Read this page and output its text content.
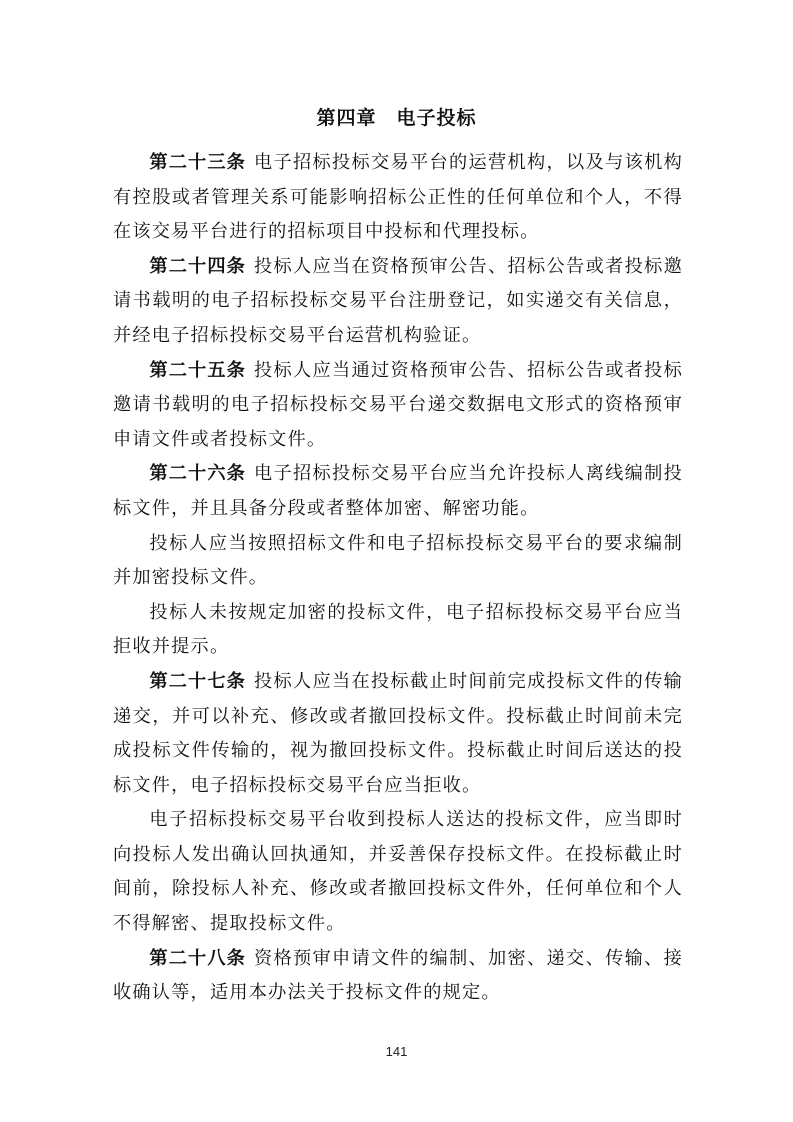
第四章 电子投标

第二十三条 电子招标投标交易平台的运营机构，以及与该机构有控股或者管理关系可能影响招标公正性的任何单位和个人，不得在该交易平台进行的招标项目中投标和代理投标。

第二十四条 投标人应当在资格预审公告、招标公告或者投标邀请书载明的电子招标投标交易平台注册登记，如实递交有关信息，并经电子招标投标交易平台运营机构验证。

第二十五条 投标人应当通过资格预审公告、招标公告或者投标邀请书载明的电子招标投标交易平台递交数据电文形式的资格预审申请文件或者投标文件。

第二十六条 电子招标投标交易平台应当允许投标人离线编制投标文件，并且具备分段或者整体加密、解密功能。

投标人应当按照招标文件和电子招标投标交易平台的要求编制并加密投标文件。

投标人未按规定加密的投标文件，电子招标投标交易平台应当拒收并提示。

第二十七条 投标人应当在投标截止时间前完成投标文件的传输递交，并可以补充、修改或者撤回投标文件。投标截止时间前未完成投标文件传输的，视为撤回投标文件。投标截止时间后送达的投标文件，电子招标投标交易平台应当拒收。

电子招标投标交易平台收到投标人送达的投标文件，应当即时向投标人发出确认回执通知，并妥善保存投标文件。在投标截止时间前，除投标人补充、修改或者撤回投标文件外，任何单位和个人不得解密、提取投标文件。

第二十八条 资格预审申请文件的编制、加密、递交、传输、接收确认等，适用本办法关于投标文件的规定。

141
